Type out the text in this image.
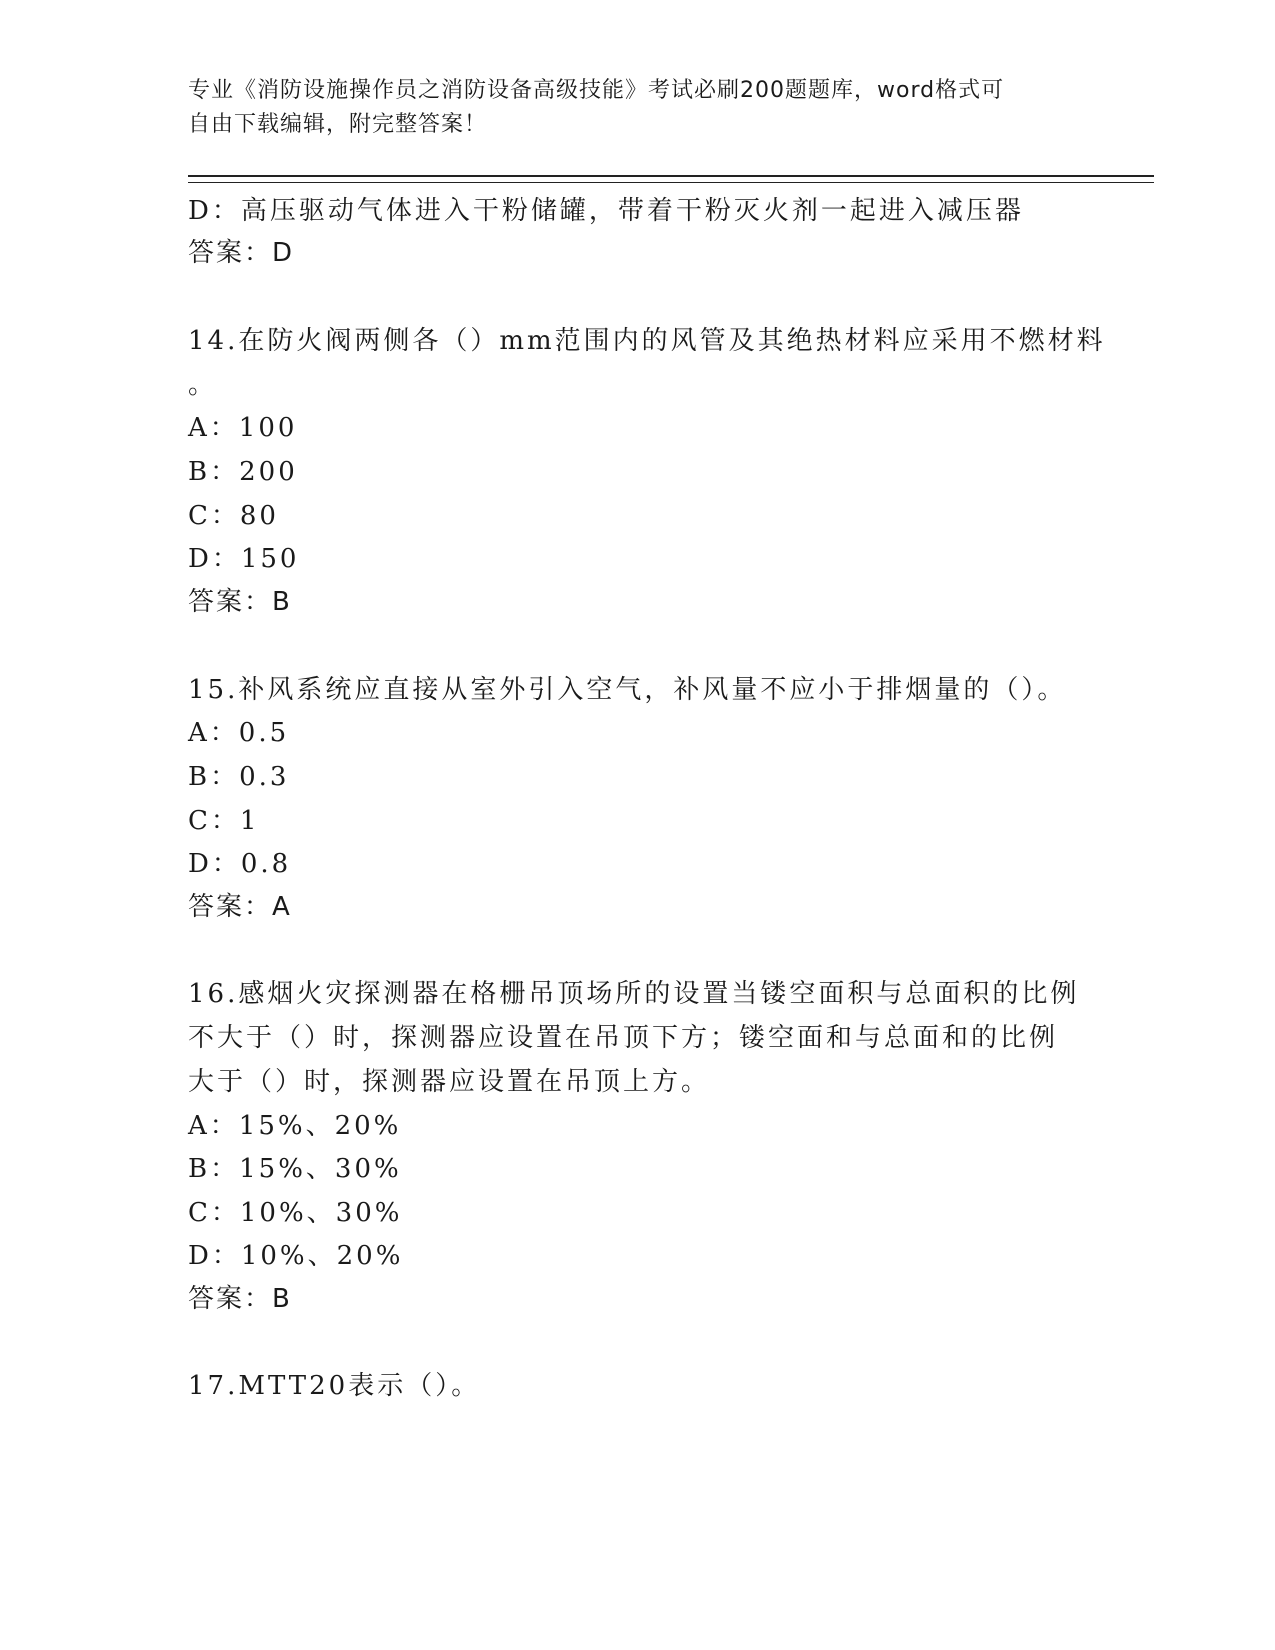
专业《消防设施操作员之消防设备高级技能》考试必刷200题题库，word格式可
自由下载编辑，附完整答案！
D：高压驱动气体进入干粉储罐，带着干粉灭火剂一起进入减压器
答案：D
14.在防火阀两侧各（）mm范围内的风管及其绝热材料应采用不燃材料
。
A：100
B：200
C：80
D：150
答案：B
15.补风系统应直接从室外引入空气，补风量不应小于排烟量的（）。
A：0.5
B：0.3
C：1
D：0.8
答案：A
16.感烟火灾探测器在格栅吊顶场所的设置当镂空面积与总面积的比例
不大于（）时，探测器应设置在吊顶下方；镂空面和与总面和的比例
大于（）时，探测器应设置在吊顶上方。
A：15%、20%
B：15%、30%
C：10%、30%
D：10%、20%
答案：B
17.MTT20表示（）。
